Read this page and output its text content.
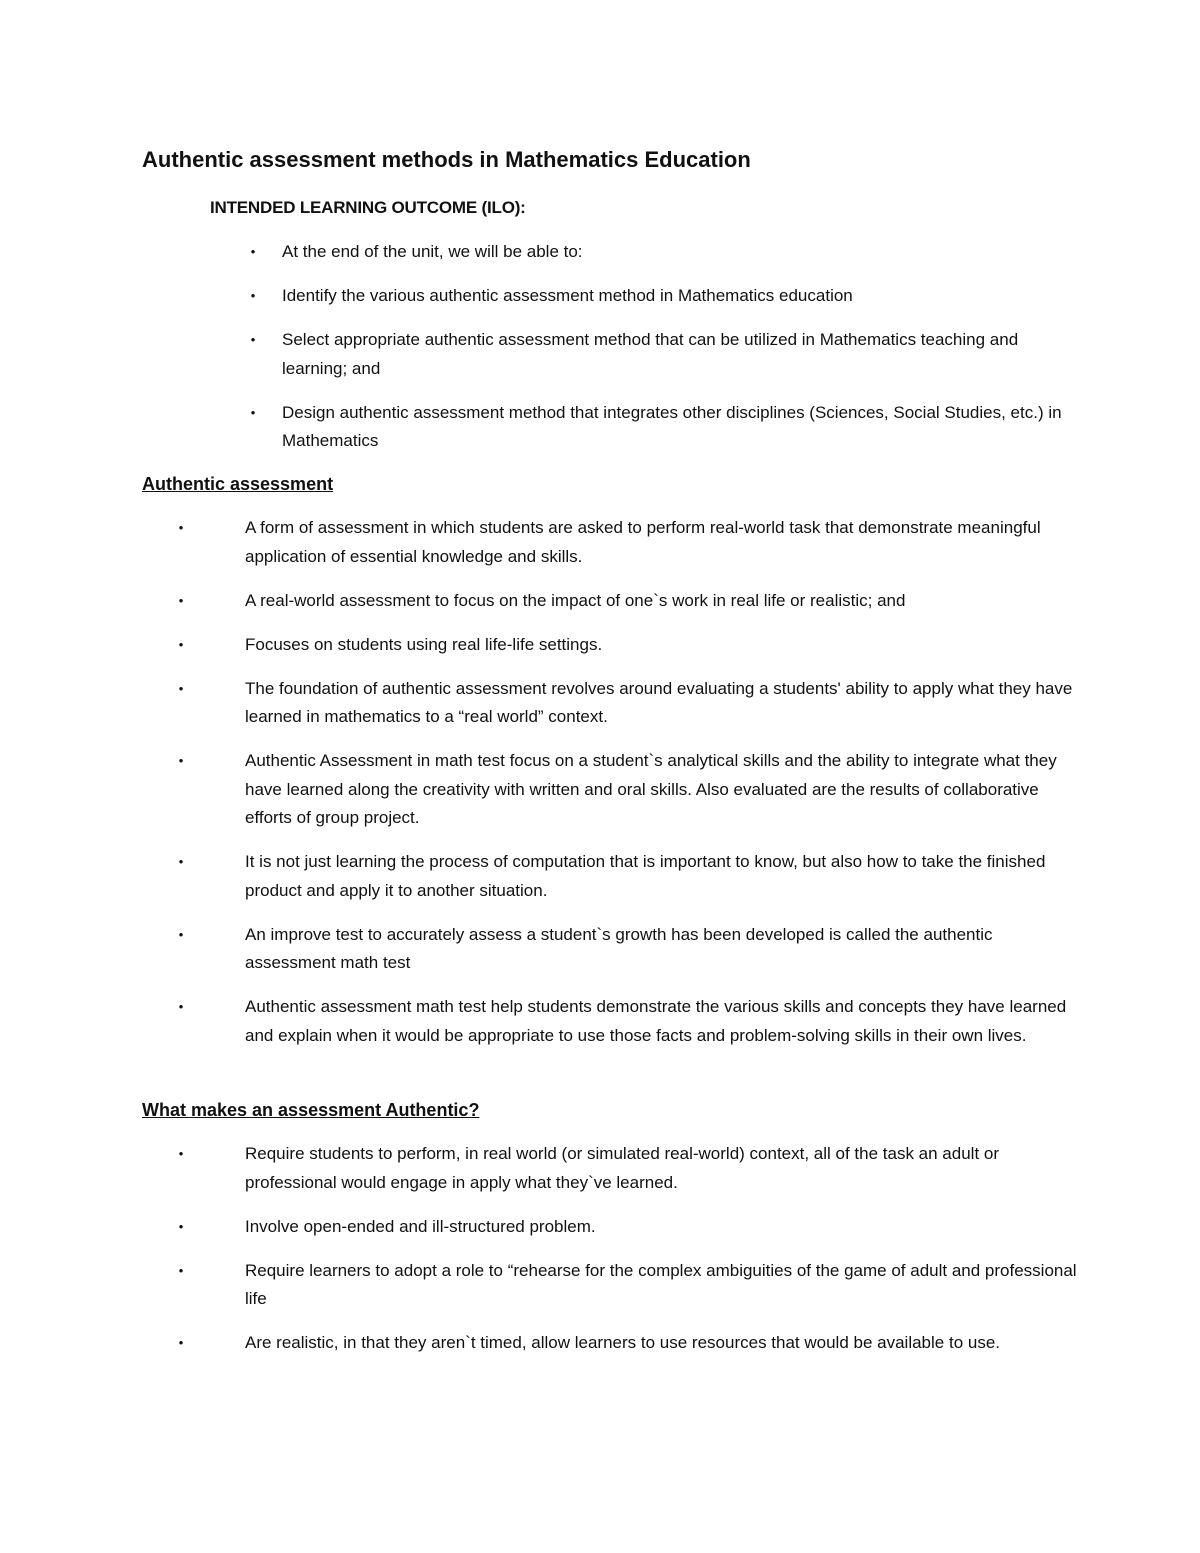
Authentic assessment methods in Mathematics Education
INTENDED LEARNING OUTCOME (ILO):
• At the end of the unit, we will be able to:
• Identify the various authentic assessment method in Mathematics education
• Select appropriate authentic assessment method that can be utilized in Mathematics teaching and learning; and
• Design authentic assessment method that integrates other disciplines (Sciences, Social Studies, etc.) in Mathematics
Authentic assessment
•	A form of assessment in which students are asked to perform real-world task that demonstrate meaningful application of essential knowledge and skills.
•	A real-world assessment to focus on the impact of one`s work in real life or realistic; and
•	Focuses on students using real life-life settings.
•	The foundation of authentic assessment revolves around evaluating a students' ability to apply what they have learned in mathematics to a “real world” context.
•	Authentic Assessment in math test focus on a student`s analytical skills and the ability to integrate what they have learned along the creativity with written and oral skills. Also evaluated are the results of collaborative efforts of group project.
•	It is not just learning the process of computation that is important to know, but also how to take the finished product and apply it to another situation.
•	An improve test to accurately assess a student`s growth has been developed is called the authentic assessment math test
•	Authentic assessment math test help students demonstrate the various skills and concepts they have learned and explain when it would be appropriate to use those facts and problem-solving skills in their own lives.
What makes an assessment Authentic?
•	Require students to perform, in real world (or simulated real-world) context, all of the task an adult or professional would engage in apply what they`ve learned.
•	Involve open-ended and ill-structured problem.
•	Require learners to adopt a role to “rehearse for the complex ambiguities of the game of adult and professional life
•	Are realistic, in that they aren`t timed, allow learners to use resources that would be available to use.
